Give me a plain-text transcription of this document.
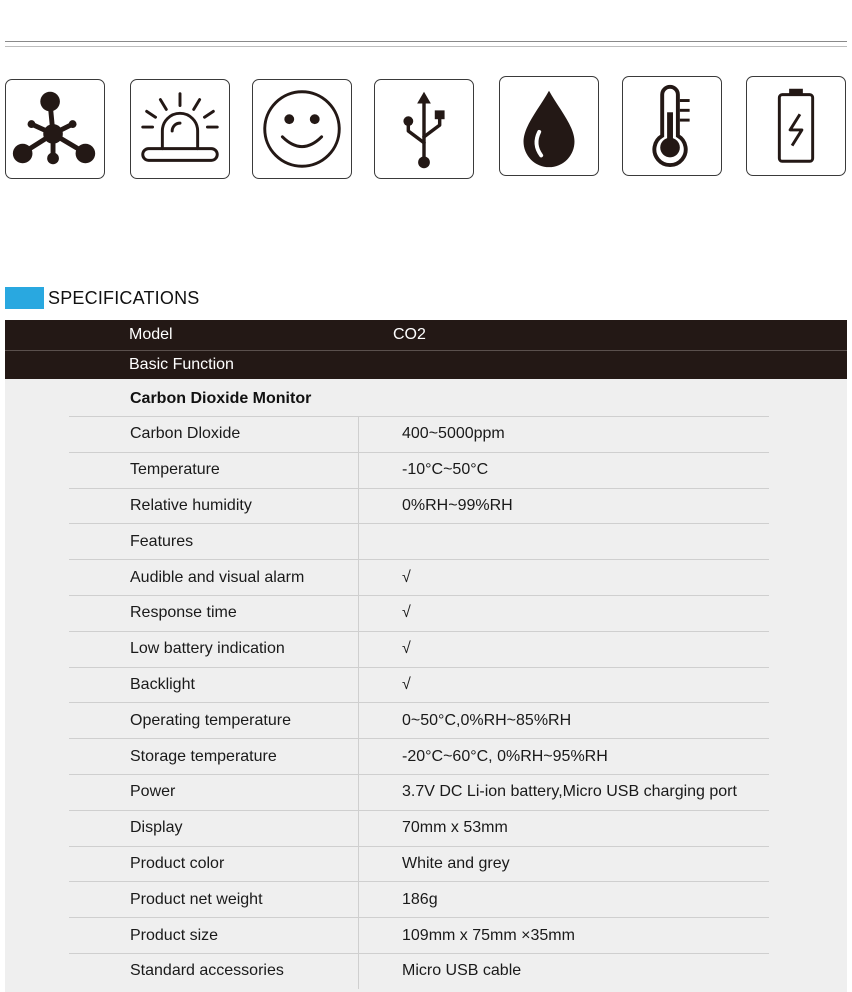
SPECIFICATIONS
Model	CO2
Basic Function
Carbon Dioxide Monitor
Carbon Dloxide	400~5000ppm
Temperature	-10°C~50°C
Relative humidity	0%RH~99%RH
Features
Audible and visual alarm	√
Response time	√
Low battery indication	√
Backlight	√
Operating temperature	0~50°C,0%RH~85%RH
Storage temperature	-20°C~60°C, 0%RH~95%RH
Power	3.7V DC Li-ion battery,Micro USB charging port
Display	70mm x 53mm
Product color	White and grey
Product net weight	186g
Product size	109mm x 75mm ×35mm
Standard accessories	Micro USB cable
